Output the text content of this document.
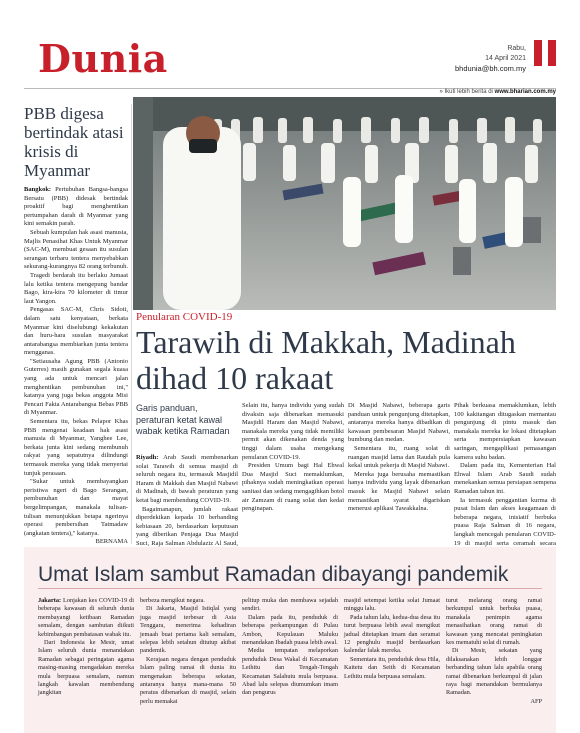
Dunia	Rabu,
14 April 2021
bhdunia@bh.com.my
» Ikuti lebih berita di www.bharian.com.my
PBB digesa bertindak atasi krisis di Myanmar

Bangkok: Pertubuhan Bangsa-bangsa Bersatu (PBB) didesak bertindak proaktif bagi menghentikan pertumpahan darah di Myanmar yang kini semakin parah.

Sebuah kumpulan hak asasi manusia, Majlis Penasihat Khas Untuk Myanmar (SAC-M), membuat gesaan itu susulan serangan terbaru tentera menyebabkan sekurang-kurangnya 82 orang terbunuh.

Tragedi berdarah itu berlaku Jumaat lalu ketika tentera mengepung bandar Bago, kira-kira 70 kilometer di timur laut Yangon.

Pengasas SAC-M, Chris Sidoti, dalam satu kenyataan, berkata Myanmar kini diselubungi kekakutan dan huru-hara susulan masyarakat antarabangsa membiarkan junta tentera mengganas.

"Setiausaha Agung PBB (Antonio Guterres) masih gunakan segala kuasa yang ada untuk mencari jalan menghentikan pembunuhan ini," katanya yang juga bekas anggota Misi Pencari Fakta Antarabangsa Bebas PBB di Myanmar.

Sementara itu, bekas Pelapor Khas PBB mengenai keadaan hak asasi manusia di Myanmar, Yanghee Lee, berkata junta kini sedang membunuh rakyat yang sepatutnya dilindungi termasuk mereka yang tidak menyertai tunjuk perasaan.

"Sukar untuk membayangkan peristiwa ngeri di Bago Serangan, pembunuhan dan mayat bergelimpangan, manakala tulisan-tulisan menunjukkan betapa ngerinya operasi pembersihan Tatmadaw (angkatan tentera)," katanya.

BERNAMA

Penularan COVID-19
Tarawih di Makkah, Madinah dihad 10 rakaat
Garis panduan, peraturan ketat kawal wabak ketika Ramadan

Riyadh: Arab Saudi membenarkan solat Tarawih di semua masjid di seluruh negara itu, termasuk Masjidil Haram di Makkah dan Masjid Nabawi di Madinah, di bawah peraturan yang ketat bagi membendung COVID-19.

Bagaimanapun, jumlah rakaat diperdekikan kepada 10 berbanding kebiasaan 20, berdasarkan keputusan yang diberikan Penjaga Dua Masjid Suci, Raja Salman Abdulaziz Al Saud,

Selain itu, hanya individu yang sudah divaksin saja dibenarkan memasuki Masjidil Haram dan Masjid Nabawi, manakala mereka yang tidak memiliki permit akan dikenakan denda yang tinggi dalam usaha mengekang penularan COVID-19.

Presiden Umum bagi Hal Ehwal Dua Masjid Suci memaklumkan, pihaknya sudah meningkatkan operasi sanitasi dan sedang mengagihkan botol air Zamzam di ruang solat dan kedai penginapan.

Di Masjid Nabawi, beberapa garis panduan untuk pengunjung ditetapkan, antaranya mereka hanya dibadikan di kawasan pembesaran Masjid Nabawi, bumbung dan medan.

Sementara itu, ruang solat di ruangan masjid lama dan Raudah pula kekal untuk pekerja di Masjid Nabawi.

Mereka juga berusaha memastikan hanya individu yang layak dibenarkan masuk ke Masjid Nabawi selain memastikan syarat digariskan menerusi aplikasi Tawakkalna.

Pihak berkuasa memaklumkan, lebih 100 kakitangan ditugaskan memantau pengunjung di pintu masuk dan manakala mereka ke lokasi ditetapkan serta mempersiapkan kawasan saringan, mengaplikasi pemasangan kamera suhu badan.

Dalam pada itu, Kementerian Hal Ehwal Islam Arab Saudi sudah menekankan semua persiapan sempena Ramadan tahun ini.

Ia termasuk penggantian kurma di pusat Islam dan akses keagamaan di beberapa negara, inisiatif berbuka puasa Raja Salman di 16 negara, langkah mencegah penularan COVID-19 di masjid serta ceramah secara

Umat Islam sambut Ramadan dibayangi pandemik

Jakarta: Lonjakan kes COVID-19 di beberapa kawasan di seluruh dunia membayangi ketibaan Ramadan semalam, dengan sambutan diikuti kebimbangan pembatasan wabak itu.

Dari Indonesia ke Mesir, umat Islam seluruh dunia menandakan Ramadan sebagai peringatan agama masing-masing mengadakan mereka mula berpuasa semalam, namun langkah kawalan membendung jangkitan

berbeza mengikut negara.

Di Jakarta, Masjid Istiqlal yang juga masjid terbesar di Asia Tenggara, menerima kehadiran jemaah buat pertama kali semalam, selepas lebih setahun ditutup akibat pandemik.

Kerajaan negara dengan penduduk Islam paling ramai di dunia itu mengenakan beberapa sekatan, antaranya hanya mana-mana 50 peratus dibenarkan di masjid, selain perlu memakai

pelitup muka dan membawa sejadah sendiri.

Dalam pada itu, penduduk di beberapa perkampungan di Pulau Ambon, Kepulauan Maluku menandakan Ibadah puasa lebih awal.

Media tempatan melaporkan penduduk Desa Wakal di Kecamatan Leihitu dan Tengah-Tengah Kecamatan Salahutu mula berpuasa. Abad lalu selepas diumumkan imam dan pengurus

masjid setempat ketika solat Jumaat minggu lalu.

Pada tahun lalu, kedua-dua desa itu turut berpuasa lebih awal mengikut jadual ditetapkan imam dan seramai 12 penghulu masjid berdasarkan kalendar falak mereka.

Sementara itu, penduduk desa Hila, Kaitetu dan Seith di Kecamatan Leihitu mula berpuasa semalam.

turut melarang orang ramai berkumpul untuk berbuka puasa, manakala penimpin agama menasihatkan orang ramai di kawasan yang mencatat peningkatan kes mematuhi solat di rumah.

Di Mesir, sekatan yang dilaksanakan lebih longgar berbanding tahun lalu apabila orang ramai dibenarkan berkumpul di jalan raya bagi menandakan bermulanya Ramadan.

AFP
